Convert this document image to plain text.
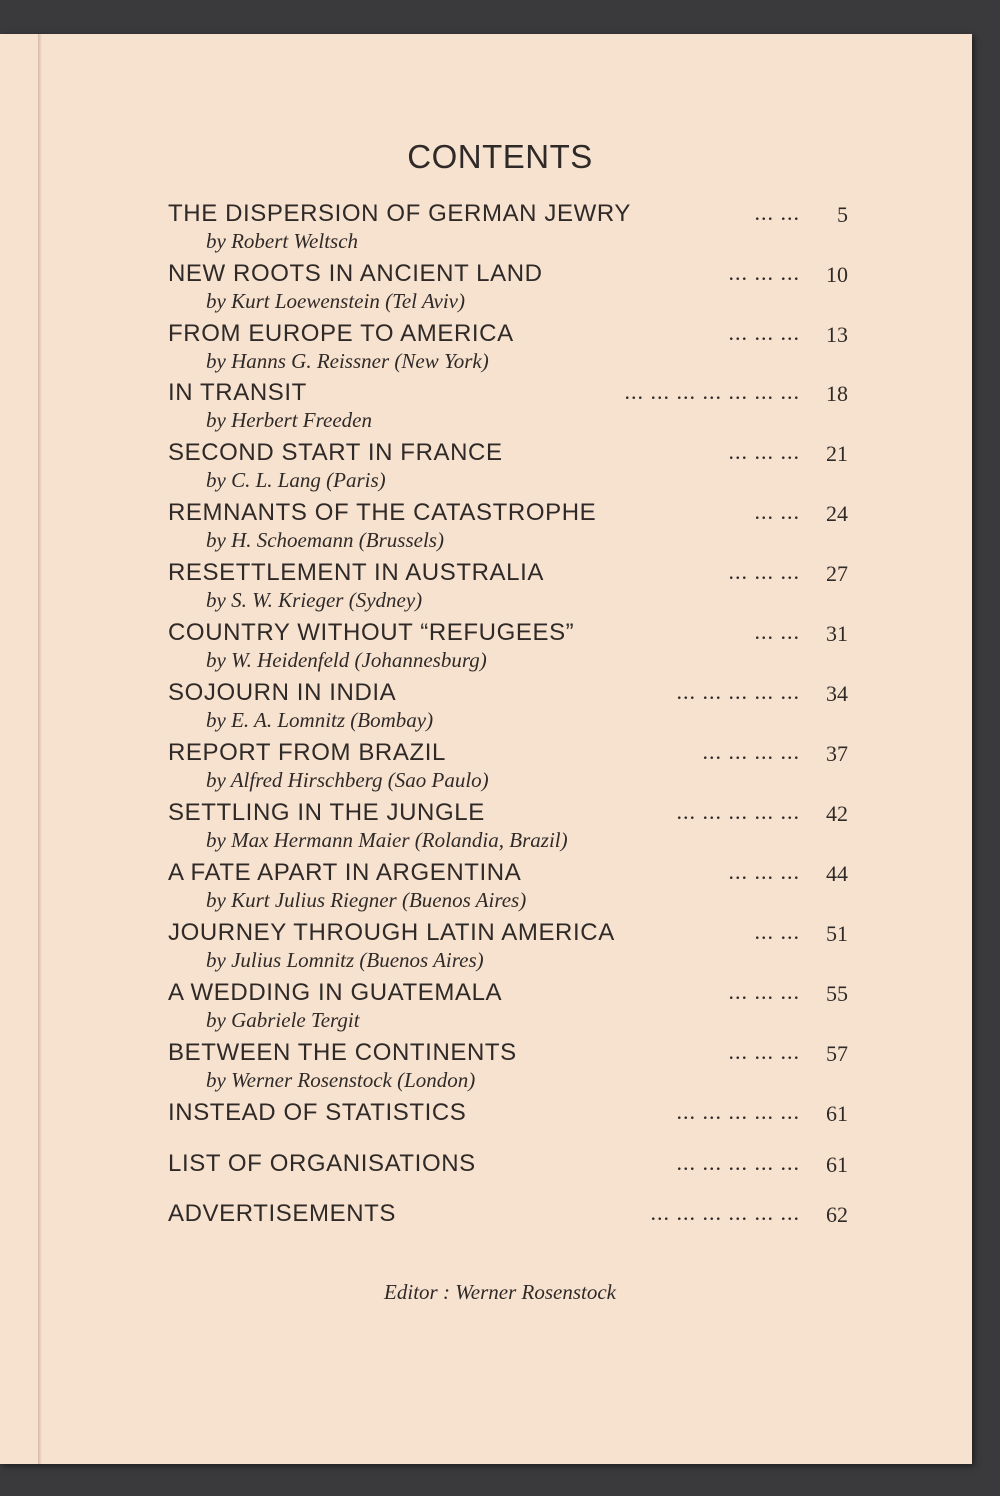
CONTENTS
THE DISPERSION OF GERMAN JEWRY	... ... 5
by Robert Weltsch
NEW ROOTS IN ANCIENT LAND	... ... ... 10
by Kurt Loewenstein (Tel Aviv)
FROM EUROPE TO AMERICA	... ... ... 13
by Hanns G. Reissner (New York)
IN TRANSIT	... ... ... ... ... ... ... 18
by Herbert Freeden
SECOND START IN FRANCE	... ... ... 21
by C. L. Lang (Paris)
REMNANTS OF THE CATASTROPHE	... ... 24
by H. Schoemann (Brussels)
RESETTLEMENT IN AUSTRALIA	... ... ... 27
by S. W. Krieger (Sydney)
COUNTRY WITHOUT “REFUGEES”	... ... 31
by W. Heidenfeld (Johannesburg)
SOJOURN IN INDIA	... ... ... ... ... 34
by E. A. Lomnitz (Bombay)
REPORT FROM BRAZIL	... ... ... ... 37
by Alfred Hirschberg (Sao Paulo)
SETTLING IN THE JUNGLE	... ... ... ... ... 42
by Max Hermann Maier (Rolandia, Brazil)
A FATE APART IN ARGENTINA	... ... ... 44
by Kurt Julius Riegner (Buenos Aires)
JOURNEY THROUGH LATIN AMERICA	... ... 51
by Julius Lomnitz (Buenos Aires)
A WEDDING IN GUATEMALA	... ... ... 55
by Gabriele Tergit
BETWEEN THE CONTINENTS	... ... ... 57
by Werner Rosenstock (London)
INSTEAD OF STATISTICS	... ... ... ... ... 61
LIST OF ORGANISATIONS	... ... ... ... ... 61
ADVERTISEMENTS	... ... ... ... ... ... 62
Editor : Werner Rosenstock
